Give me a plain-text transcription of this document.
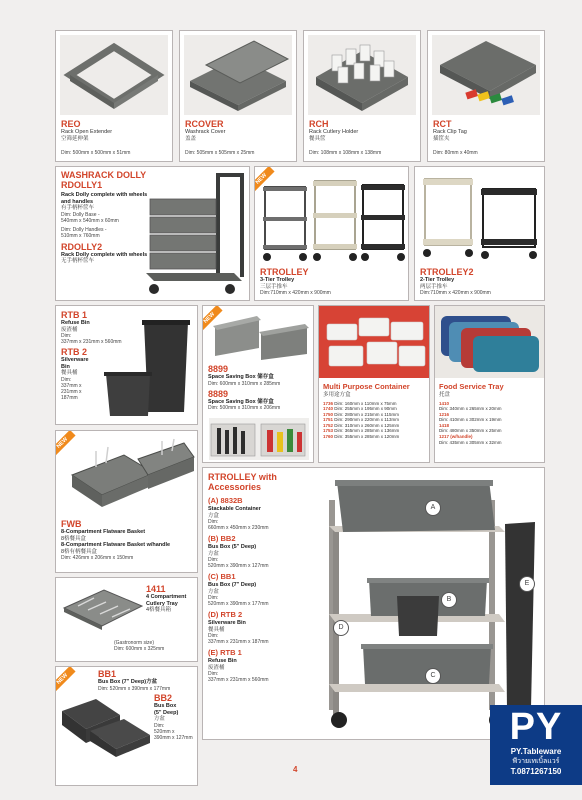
REO
Rack Open Extender
空筛延伸架
Dim: 500mm x 500mm x 51mm
RCOVER
Washrack Cover
盖盖
Dim: 505mm x 505mm x 25mm
RCH
Rack Cutlery Holder
餐具筐
Dim: 108mm x 108mm x 138mm
RCT
Rack Clip Tag
插筐夹
Dim: 80mm x 40mm
WASHRACK DOLLY
RDOLLY1
Rack Dolly complete with wheels and handles
有手柄杯筐车
Dim: Dolly Base -
540mm x 540mm x 60mm
Dim: Dolly Handles -
510mm x 760mm
RDOLLY2
Rack Dolly complete with wheels
无手柄杯筐车
NEW
RTROLLEY
3-Tier Trolley
三层手推车
Dim:710mm x 420mm x 900mm
RTROLLEY2
2-Tier Trolley
两层手推车
Dim:710mm x 420mm x 900mm
RTB 1
Refuse Bin
废渣桶
Dim:
337mm x 231mm x 560mm
RTB 2
Silverware
Bin
餐具桶
Dim:
337mm x
231mm x
187mm
NEW
8899
Space Saving Box 储存盒
Dim: 600mm x 310mm x 285mm
8889
Space Saving Box 储存盒
Dim: 500mm x 310mm x 206mm
Multi Purpose Container
多用途方盒
1736 Dim: 160mm x 110mm x 75mm
1740 Dim: 255mm x 195mm x 90mm
1750 Dim: 280mm x 215mm x 115mm
1751 Dim: 290mm x 220mm x 113mm
1752 Dim: 310mm x 260mm x 125mm
1753 Dim: 365mm x 285mm x 136mm
1760 Dim: 355mm x 285mm x 120mm
Food Service Tray
托盘
1410
Dim: 340mm x 265mm x 20mm
1216
Dim: 410mm x 302mm x 19mm
1418
Dim: 480mm x 350mm x 25mm
1217 (w/handle)
Dim: 435mm x 305mm x 32mm
NEW
FWB
8-Compartment Flatware Basket
8格餐具盒
8-Compartment Flatware Basket w/handle
8格有柄餐具盒
Dim: 426mm x 206mm x 150mm
1411
4 Compartment
Cutlery Tray
4格餐具箱
(Gastronorm size)
Dim: 600mm x 325mm
NEW	BB1
Bus Box (7" Deep)方盆
Dim: 520mm x 390mm x 177mm
BB2
Bus Box
(5" Deep)
方盆
Dim:
520mm x
390mm x 127mm
RTROLLEY with
Accessories
(A) 8832B
Stackable Container
方盒
Dim:
660mm x 450mm x 230mm
(B) BB2
Bus Box (5" Deep)
方盆
Dim:
520mm x 390mm x 127mm
(C) BB1
Bus Box (7" Deep)
方盆
Dim:
520mm x 390mm x 177mm
(D) RTB 2
Silverware Bin
餐具桶
Dim:
337mm x 231mm x 187mm
(E) RTB 1
Refuse Bin
废渣桶
Dim:
337mm x 231mm x 560mm
A
B
C
D
E
4
PY
PY.Tableware
พีวายเทเบิ้ลแวร์
T.0871267150
